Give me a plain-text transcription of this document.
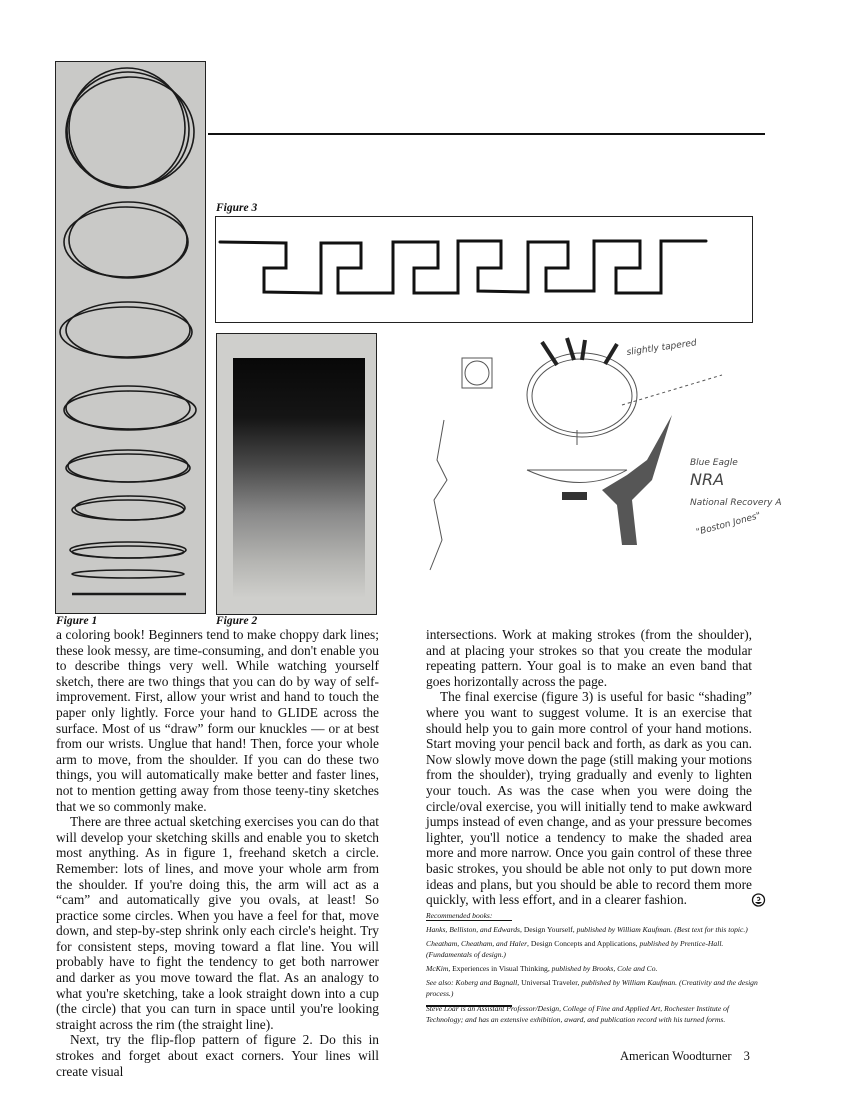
Figure 1	Figure 2
Figure 3
slightly tapered
NRA
Blue Eagle
National Recovery Act
"Boston Jones"

a coloring book! Beginners tend to make choppy dark lines; these look messy, are time-consuming, and don't enable you to describe things very well. While watching yourself sketch, there are two things that you can do by way of self-improvement. First, allow your wrist and hand to touch the paper only lightly. Force your hand to GLIDE across the surface. Most of us “draw” form our knuckles — or at best from our wrists. Unglue that hand! Then, force your whole arm to move, from the shoulder. If you can do these two things, you will automatically make better and faster lines, not to mention getting away from those teeny-tiny sketches that we so commonly make.

There are three actual sketching exercises you can do that will develop your sketching skills and enable you to sketch most anything. As in figure 1, freehand sketch a circle. Remember: lots of lines, and move your whole arm from the shoulder. If you're doing this, the arm will act as a “cam” and automatically give you ovals, at least! So practice some circles. When you have a feel for that, move down, and step-by-step shrink only each circle's height. Try for consistent steps, moving toward a flat line. You will probably have to fight the tendency to get both narrower and darker as you move toward the flat. As an analogy to what you're sketching, take a look straight down into a cup (the circle) that you can turn in space until you're looking straight across the rim (the straight line).

Next, try the flip-flop pattern of figure 2. Do this in strokes and forget about exact corners. Your lines will create visual

intersections. Work at making strokes (from the shoulder), and at placing your strokes so that you create the modular repeating pattern. Your goal is to make an even band that goes horizontally across the page.

The final exercise (figure 3) is useful for basic “shading” where you want to suggest volume. It is an exercise that should help you to gain more control of your hand motions. Start moving your pencil back and forth, as dark as you can. Now slowly move down the page (still making your motions from the shoulder), trying gradually and evenly to lighten your touch. As was the case when you were doing the circle/oval exercise, you will initially tend to make awkward jumps instead of even change, and as your pressure becomes lighter, you'll notice a tendency to make the shaded area more and more narrow. Once you gain control of these three basic strokes, you should be able not only to put down more ideas and plans, but you should be able to record them more quickly, with less effort, and in a clearer fashion.

Recommended books:

Hanks, Belliston, and Edwards, Design Yourself, published by William Kaufman. (Best text for this topic.)

Cheatham, Cheatham, and Haler, Design Concepts and Applications, published by Prentice-Hall. (Fundamentals of design.)

McKim, Experiences in Visual Thinking, published by Brooks, Cole and Co.

See also: Koberg and Bagnall, Universal Traveler, published by William Kaufman. (Creativity and the design process.)

Steve Loar is an Assistant Professor/Design, College of Fine and Applied Art, Rochester Institute of Technology; and has an extensive exhibition, award, and publication record with his turned forms.
American Woodturner 3
